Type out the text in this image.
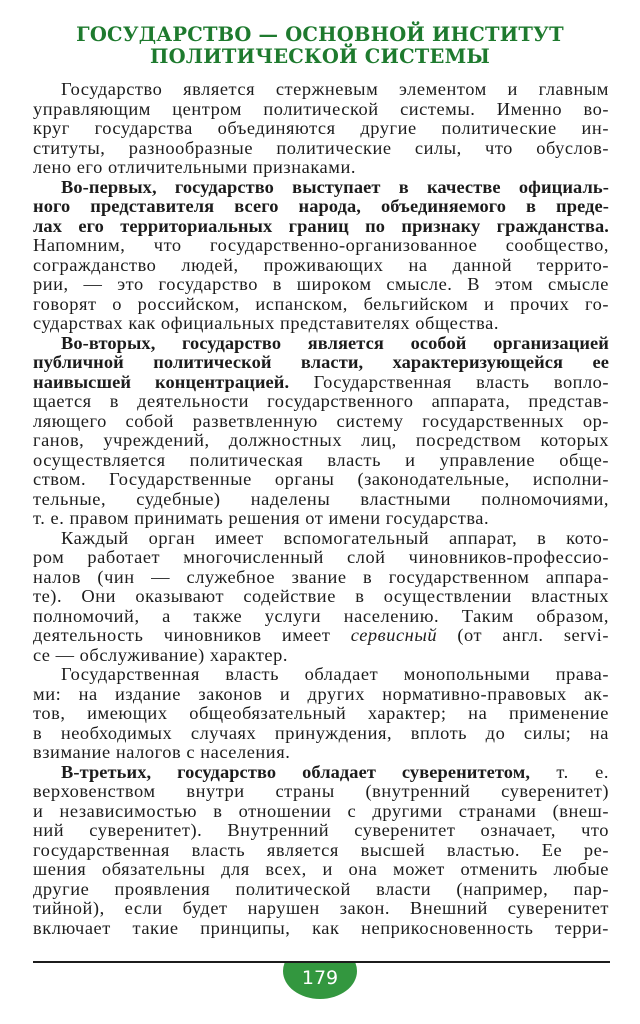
ГОСУДАРСТВО — ОСНОВНОЙ ИНСТИТУТ
ПОЛИТИЧЕСКОЙ СИСТЕМЫ
Государство является стержневым элементом и главным
управляющим центром политической системы. Именно во-
круг государства объединяются другие политические ин-
ституты, разнообразные политические силы, что обуслов-
лено его отличительными признаками.
Во-первых, государство выступает в качестве официаль-
ного представителя всего народа, объединяемого в преде-
лах его территориальных границ по признаку гражданства.
Напомним, что государственно-организованное сообщество,
согражданство людей, проживающих на данной террито-
рии, — это государство в широком смысле. В этом смысле
говорят о российском, испанском, бельгийском и прочих го-
сударствах как официальных представителях общества.
Во-вторых, государство является особой организацией
публичной политической власти, характеризующейся ее
наивысшей концентрацией. Государственная власть вопло-
щается в деятельности государственного аппарата, представ-
ляющего собой разветвленную систему государственных ор-
ганов, учреждений, должностных лиц, посредством которых
осуществляется политическая власть и управление обще-
ством. Государственные органы (законодательные, исполни-
тельные, судебные) наделены властными полномочиями,
т. е. правом принимать решения от имени государства.
Каждый орган имеет вспомогательный аппарат, в кото-
ром работает многочисленный слой чиновников-профессио-
налов (чин — служебное звание в государственном аппара-
те). Они оказывают содействие в осуществлении властных
полномочий, а также услуги населению. Таким образом,
деятельность чиновников имеет сервисный (от англ. servi-
ce — обслуживание) характер.
Государственная власть обладает монопольными права-
ми: на издание законов и других нормативно-правовых ак-
тов, имеющих общеобязательный характер; на применение
в необходимых случаях принуждения, вплоть до силы; на
взимание налогов с населения.
В-третьих, государство обладает суверенитетом, т. е.
верховенством внутри страны (внутренний суверенитет)
и независимостью в отношении с другими странами (внеш-
ний суверенитет). Внутренний суверенитет означает, что
государственная власть является высшей властью. Ее ре-
шения обязательны для всех, и она может отменить любые
другие проявления политической власти (например, пар-
тийной), если будет нарушен закон. Внешний суверенитет
включает такие принципы, как неприкосновенность терри-
179
